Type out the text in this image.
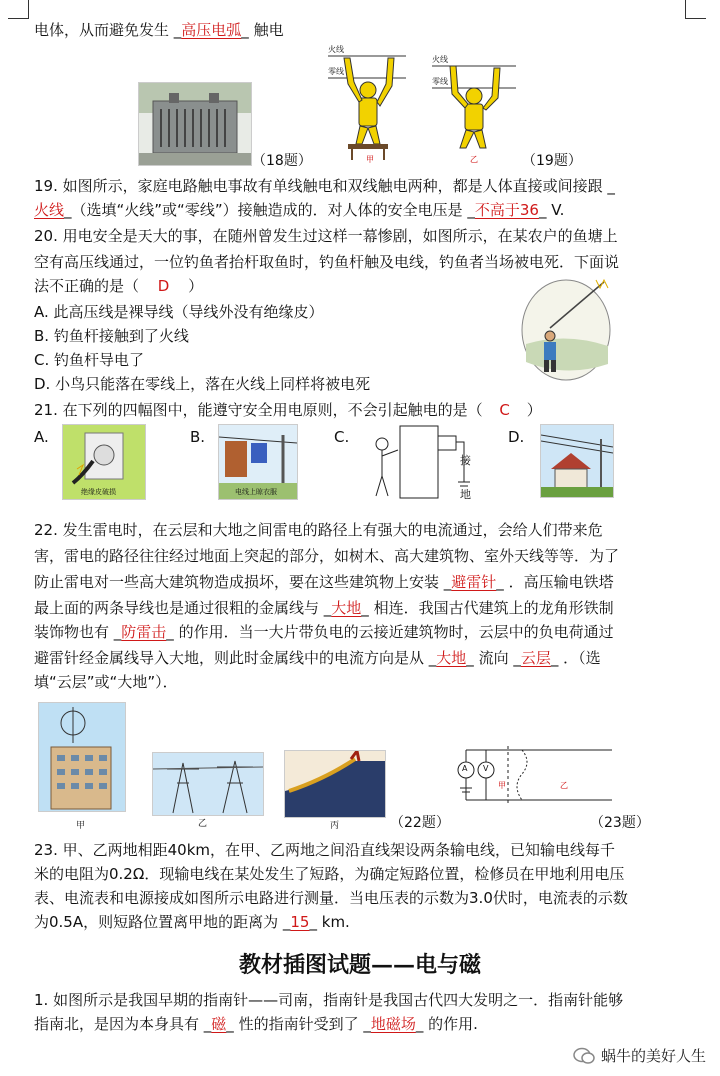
电体，从而避免发生 _高压电弧_ 触电
（18题）
火线
零线
甲
火线
零线
乙	（19题）
19. 如图所示，家庭电路触电事故有单线触电和双线触电两种，都是人体直接或间接跟 _
火线_（选填“火线”或“零线”）接触造成的．对人体的安全电压是 _不高于36_ V.
20. 用电安全是天大的事，在随州曾发生过这样一幕惨剧，如图所示，在某农户的鱼塘上
空有高压线通过，一位钓鱼者抬杆取鱼时，钓鱼杆触及电线，钓鱼者当场被电死．下面说
法不正确的是（ D ）
A. 此高压线是裸导线（导线外没有绝缘皮）
B. 钓鱼杆接触到了火线
C. 钓鱼杆导电了
D. 小鸟只能落在零线上，落在火线上同样将被电死
21. 在下列的四幅图中，能遵守安全用电原则，不会引起触电的是（ C ）
A.
绝缘皮破损
B.
电线上晾衣服
C.
接
地
D.
22. 发生雷电时，在云层和大地之间雷电的路径上有强大的电流通过，会给人们带来危
害，雷电的路径往往经过地面上突起的部分，如树木、高大建筑物、室外天线等等．为了
防止雷电对一些高大建筑物造成损坏，要在这些建筑物上安装 _避雷针_ ．高压输电铁塔
最上面的两条导线也是通过很粗的金属线与 _大地_ 相连．我国古代建筑上的龙角形铁制
装饰物也有 _防雷击_ 的作用．当一大片带负电的云接近建筑物时，云层中的负电荷通过
避雷针经金属线导入大地，则此时金属线中的电流方向是从 _大地_ 流向 _云层_ ．（选
填“云层”或“大地”）．
乙	丙
甲	（22题）
A V
甲	乙
（23题）
23. 甲、乙两地相距40km，在甲、乙两地之间沿直线架设两条输电线，已知输电线每千
米的电阻为0.2Ω．现输电线在某处发生了短路，为确定短路位置，检修员在甲地利用电压
表、电流表和电源接成如图所示电路进行测量．当电压表的示数为3.0伏时，电流表的示数
为0.5A，则短路位置离甲地的距离为 _15_ km.
教材插图试题——电与磁
1. 如图所示是我国早期的指南针——司南，指南针是我国古代四大发明之一．指南针能够
指南北，是因为本身具有 _磁_ 性的指南针受到了 _地磁场_ 的作用.
蜗牛的美好人生
